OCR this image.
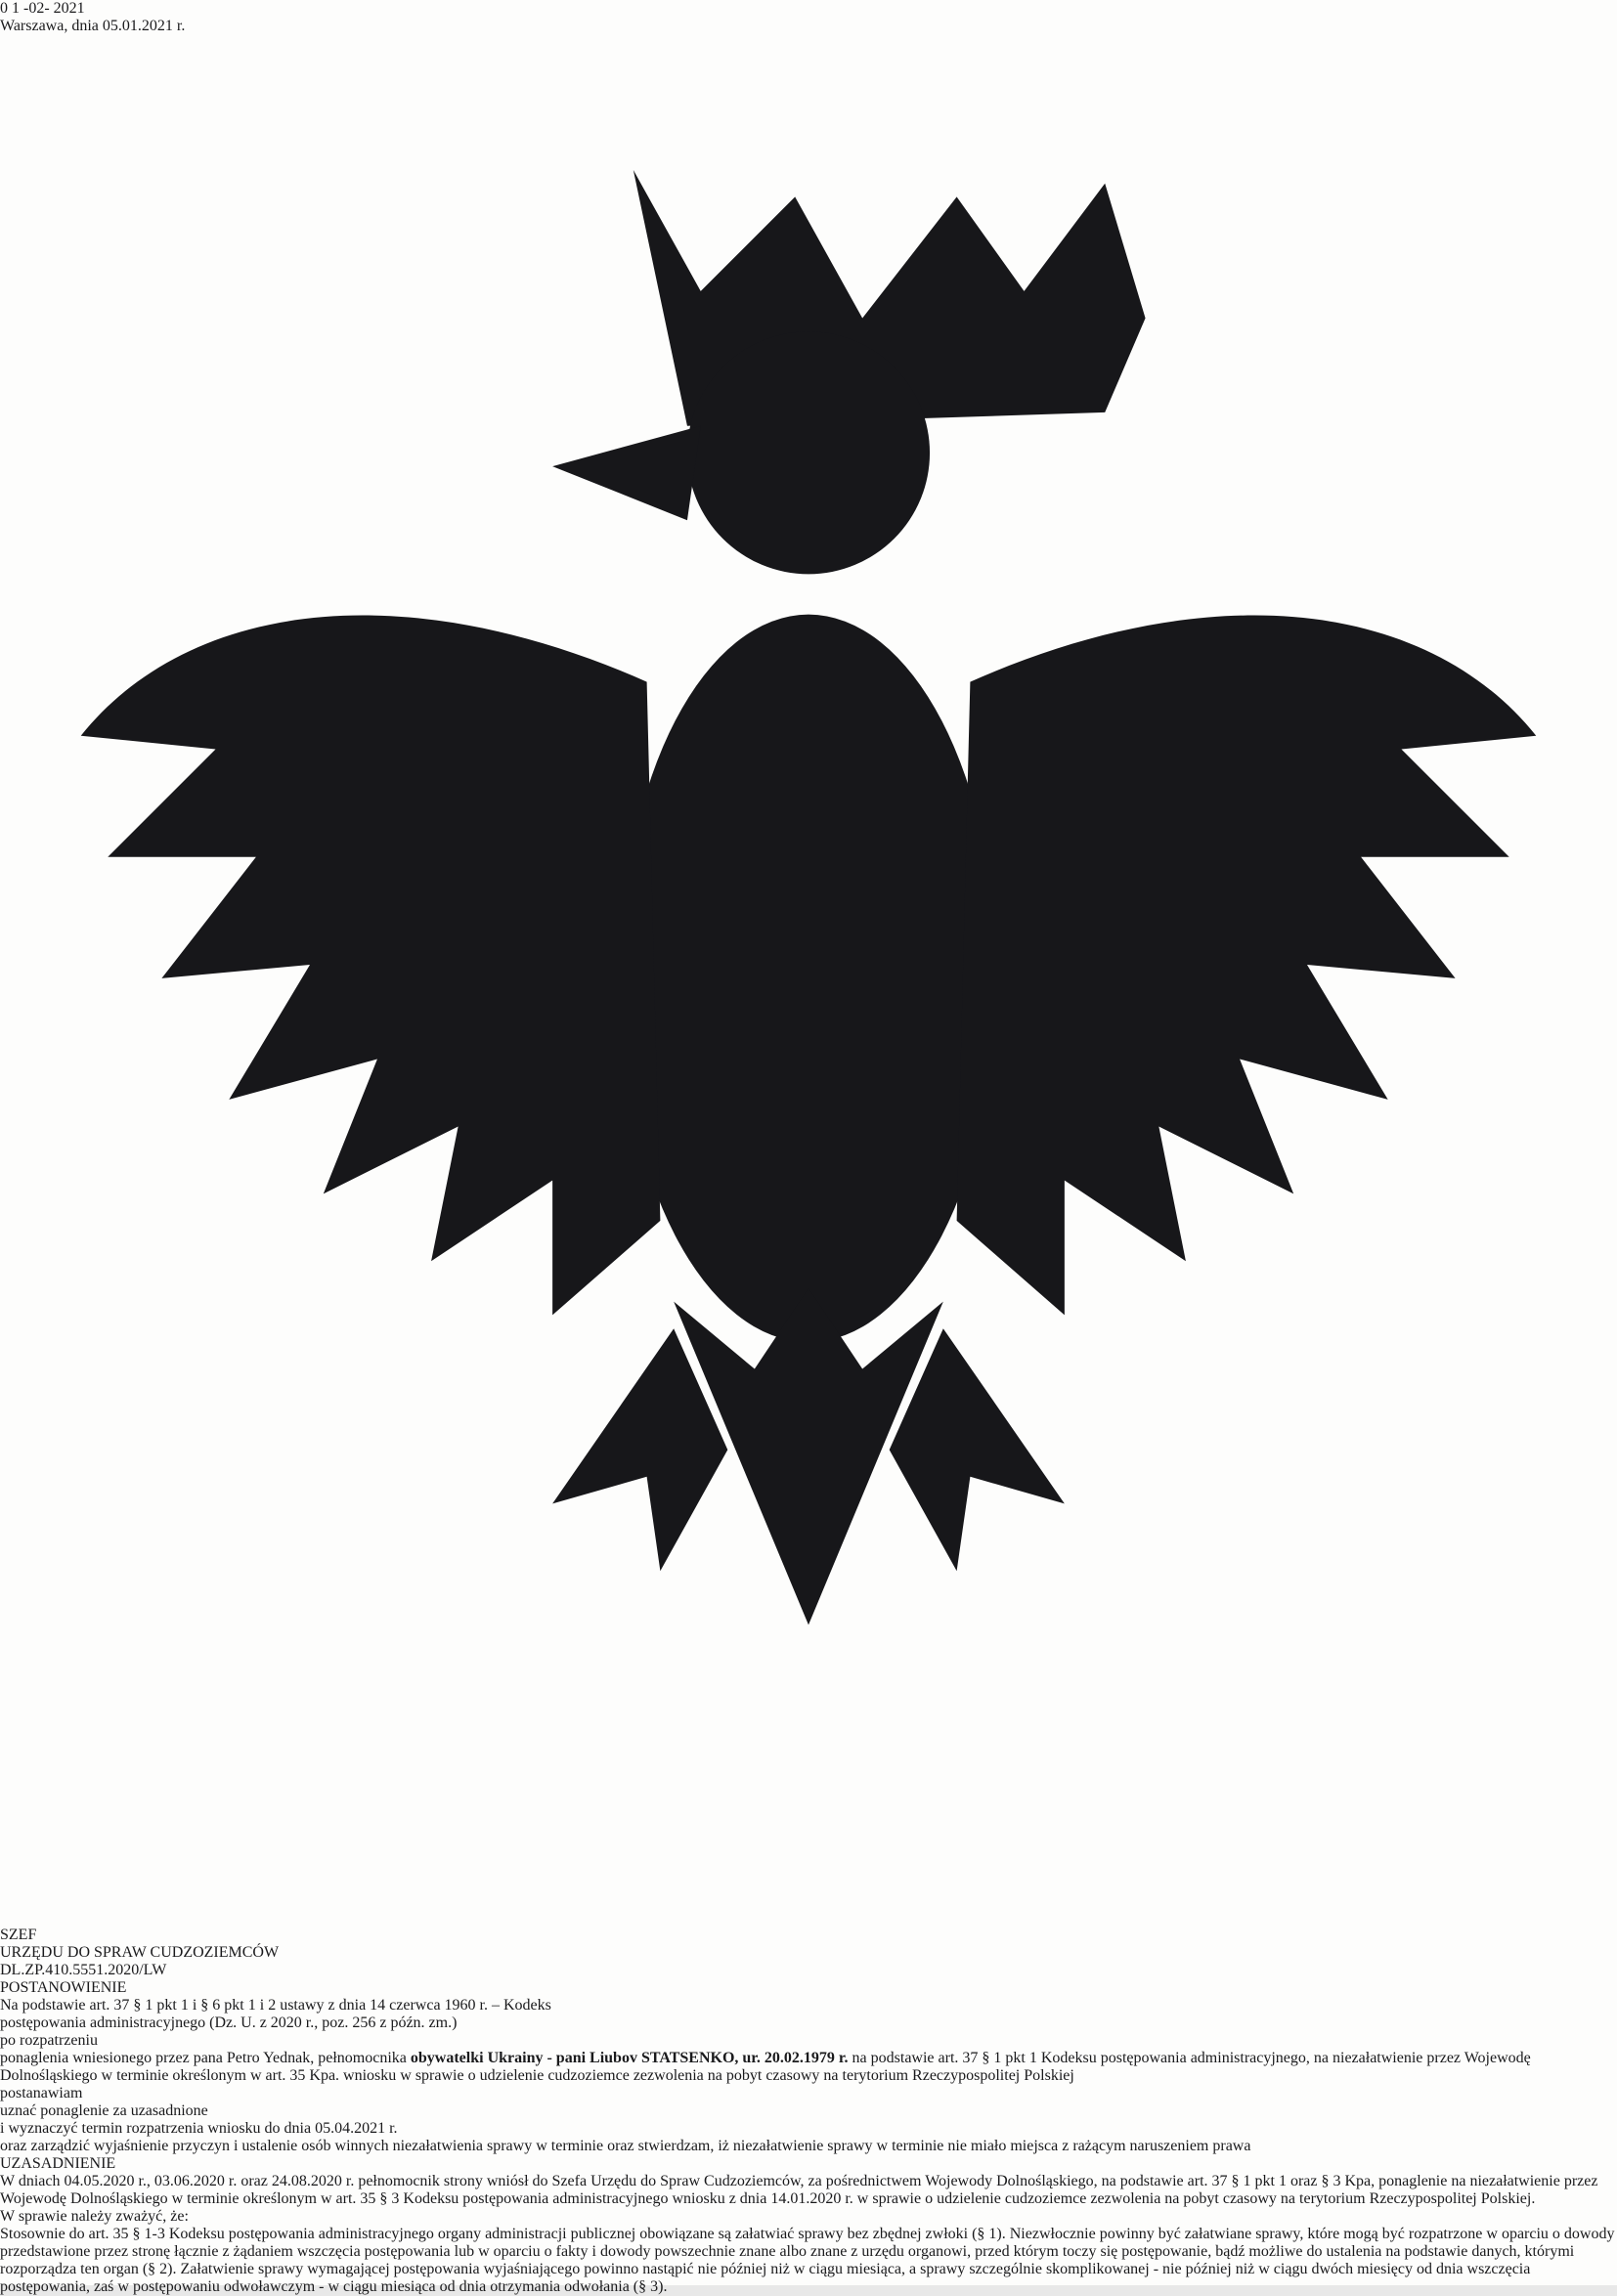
0 1 -02- 2021
Warszawa, dnia 05.01.2021 r.
SZEF
URZĘDU DO SPRAW CUDZOZIEMCÓW
DL.ZP.410.5551.2020/LW
POSTANOWIENIE
Na podstawie art. 37 § 1 pkt 1 i § 6 pkt 1 i 2 ustawy z dnia 14 czerwca 1960 r. – Kodeks
postępowania administracyjnego (Dz. U. z 2020 r., poz. 256 z późn. zm.)
po rozpatrzeniu

ponaglenia wniesionego przez pana Petro Yednak, pełnomocnika obywatelki Ukrainy - pani Liubov STATSENKO, ur. 20.02.1979 r. na podstawie art. 37 § 1 pkt 1 Kodeksu postępowania administracyjnego, na niezałatwienie przez Wojewodę Dolnośląskiego w terminie określonym w art. 35 Kpa. wniosku w sprawie o udzielenie cudzoziemce zezwolenia na pobyt czasowy na terytorium Rzeczypospolitej Polskiej

postanawiam
uznać ponaglenie za uzasadnione
i wyznaczyć termin rozpatrzenia wniosku do dnia 05.04.2021 r.
oraz zarządzić wyjaśnienie przyczyn i ustalenie osób winnych niezałatwienia sprawy w terminie oraz stwierdzam, iż niezałatwienie sprawy w terminie nie miało miejsca z rażącym naruszeniem prawa
UZASADNIENIE

W dniach 04.05.2020 r., 03.06.2020 r. oraz 24.08.2020 r. pełnomocnik strony wniósł do Szefa Urzędu do Spraw Cudzoziemców, za pośrednictwem Wojewody Dolnośląskiego, na podstawie art. 37 § 1 pkt 1 oraz § 3 Kpa, ponaglenie na niezałatwienie przez Wojewodę Dolnośląskiego w terminie określonym w art. 35 § 3 Kodeksu postępowania administracyjnego wniosku z dnia 14.01.2020 r. w sprawie o udzielenie cudzoziemce zezwolenia na pobyt czasowy na terytorium Rzeczypospolitej Polskiej.

W sprawie należy zważyć, że:

Stosownie do art. 35 § 1-3 Kodeksu postępowania administracyjnego organy administracji publicznej obowiązane są załatwiać sprawy bez zbędnej zwłoki (§ 1). Niezwłocznie powinny być załatwiane sprawy, które mogą być rozpatrzone w oparciu o dowody przedstawione przez stronę łącznie z żądaniem wszczęcia postępowania lub w oparciu o fakty i dowody powszechnie znane albo znane z urzędu organowi, przed którym toczy się postępowanie, bądź możliwe do ustalenia na podstawie danych, którymi rozporządza ten organ (§ 2). Załatwienie sprawy wymagającej postępowania wyjaśniającego powinno nastąpić nie później niż w ciągu miesiąca, a sprawy szczególnie skomplikowanej - nie później niż w ciągu dwóch miesięcy od dnia wszczęcia postępowania, zaś w postępowaniu odwoławczym - w ciągu miesiąca od dnia otrzymania odwołania (§ 3).
